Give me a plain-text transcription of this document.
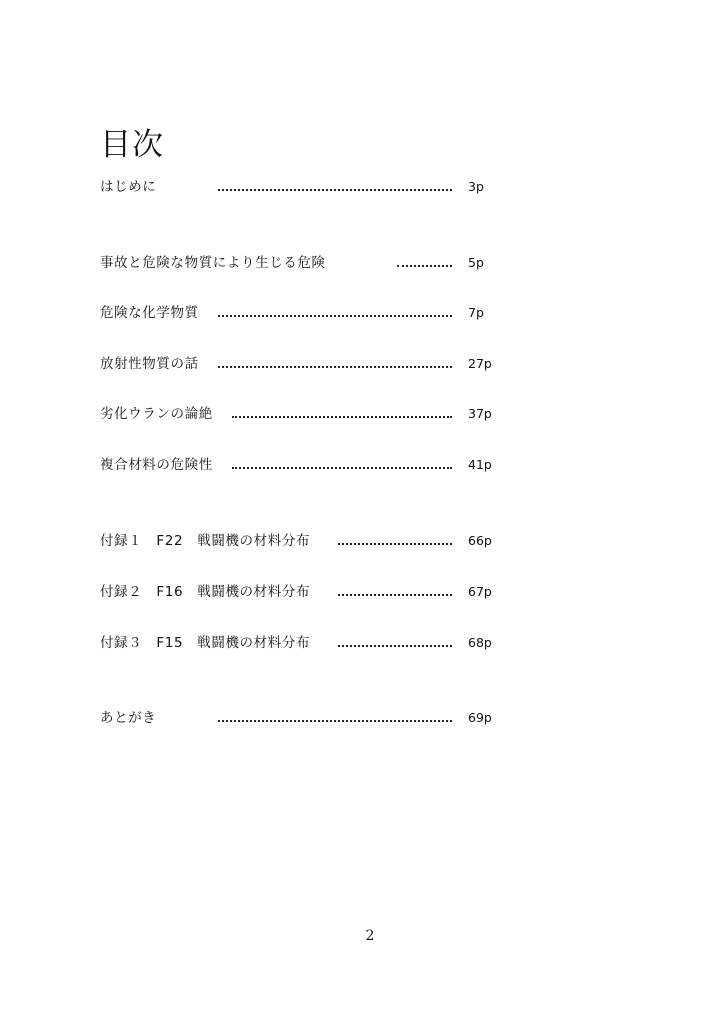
目次
はじめに	3p
事故と危険な物質により生じる危険	5p
危険な化学物質	7p
放射性物質の話	27p
劣化ウランの論絶	37p
複合材料の危険性	41p
付録１　F22　戦闘機の材料分布	66p
付録２　F16　戦闘機の材料分布	67p
付録３　F15　戦闘機の材料分布	68p
あとがき	69p
2
